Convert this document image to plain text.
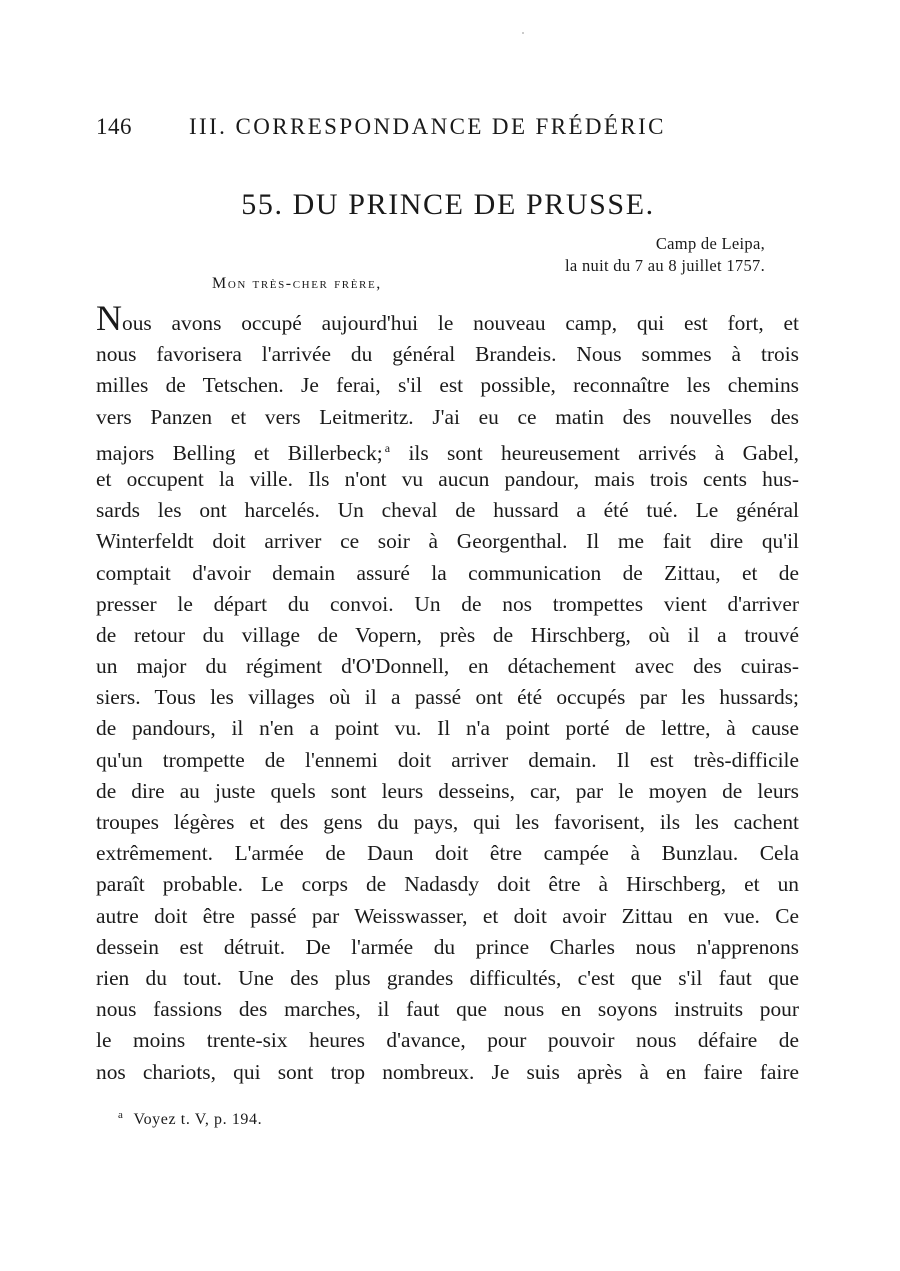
146 III. CORRESPONDANCE DE FRÉDÉRIC
55. DU PRINCE DE PRUSSE.
Camp de Leipa,
la nuit du 7 au 8 juillet 1757.
Mon très-cher frère,
Nous avons occupé aujourd'hui le nouveau camp, qui est fort, et
nous favorisera l'arrivée du général Brandeis. Nous sommes à trois
milles de Tetschen. Je ferai, s'il est possible, reconnaître les chemins
vers Panzen et vers Leitmeritz. J'ai eu ce matin des nouvelles des
majors Belling et Billerbeck; $^a$ ils sont heureusement arrivés à Gabel,
et occupent la ville. Ils n'ont vu aucun pandour, mais trois cents hus-
sards les ont harcelés. Un cheval de hussard a été tué. Le général
Winterfeldt doit arriver ce soir à Georgenthal. Il me fait dire qu'il
comptait d'avoir demain assuré la communication de Zittau, et de
presser le départ du convoi. Un de nos trompettes vient d'arriver
de retour du village de Vopern, près de Hirschberg, où il a trouvé
un major du régiment d'O'Donnell, en détachement avec des cuiras-
siers. Tous les villages où il a passé ont été occupés par les hussards;
de pandours, il n'en a point vu. Il n'a point porté de lettre, à cause
qu'un trompette de l'ennemi doit arriver demain. Il est très-difficile
de dire au juste quels sont leurs desseins, car, par le moyen de leurs
troupes légères et des gens du pays, qui les favorisent, ils les cachent
extrêmement. L'armée de Daun doit être campée à Bunzlau. Cela
paraît probable. Le corps de Nadasdy doit être à Hirschberg, et un
autre doit être passé par Weisswasser, et doit avoir Zittau en vue. Ce
dessein est détruit. De l'armée du prince Charles nous n'apprenons
rien du tout. Une des plus grandes difficultés, c'est que s'il faut que
nous fassions des marches, il faut que nous en soyons instruits pour
le moins trente-six heures d'avance, pour pouvoir nous défaire de
nos chariots, qui sont trop nombreux. Je suis après à en faire faire
$^a$ Voyez t. V, p. 194.
